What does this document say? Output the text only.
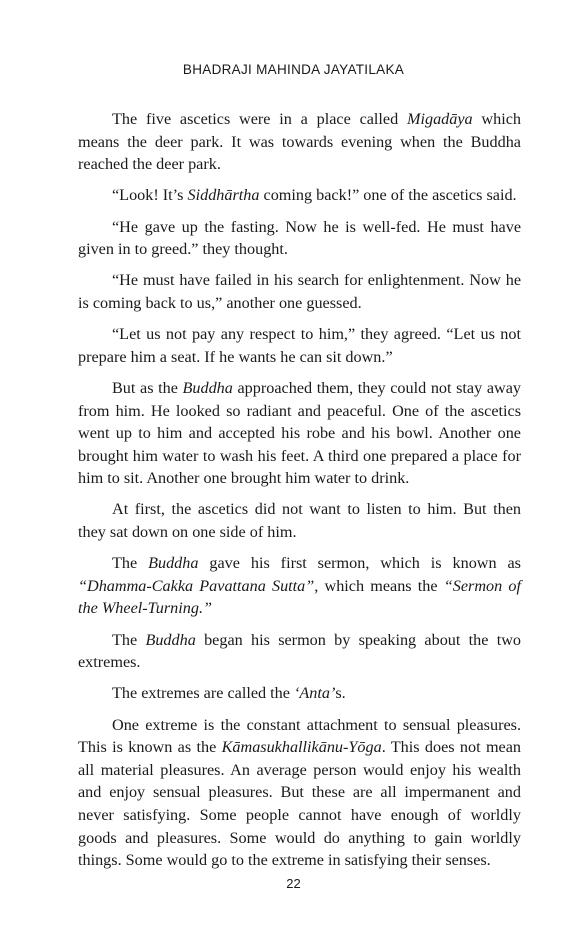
BHADRAJI MAHINDA JAYATILAKA

The five ascetics were in a place called Migadāya which means the deer park. It was towards evening when the Buddha reached the deer park.

“Look! It’s Siddhārtha coming back!” one of the ascetics said.

“He gave up the fasting. Now he is well-fed. He must have given in to greed.” they thought.

“He must have failed in his search for enlightenment. Now he is coming back to us,” another one guessed.

“Let us not pay any respect to him,” they agreed. “Let us not prepare him a seat. If he wants he can sit down.”

But as the Buddha approached them, they could not stay away from him. He looked so radiant and peaceful. One of the ascetics went up to him and accepted his robe and his bowl. Another one brought him water to wash his feet. A third one prepared a place for him to sit. Another one brought him water to drink.

At first, the ascetics did not want to listen to him. But then they sat down on one side of him.

The Buddha gave his first sermon, which is known as “Dhamma-Cakka Pavattana Sutta”, which means the “Sermon of the Wheel-Turning.”

The Buddha began his sermon by speaking about the two extremes.

The extremes are called the ‘Anta’s.

One extreme is the constant attachment to sensual pleasures. This is known as the Kāmasukhallikānu-Yōga. This does not mean all material pleasures. An average person would enjoy his wealth and enjoy sensual pleasures. But these are all impermanent and never satisfying. Some people cannot have enough of worldly goods and pleasures. Some would do anything to gain worldly things. Some would go to the extreme in satisfying their senses.

22
